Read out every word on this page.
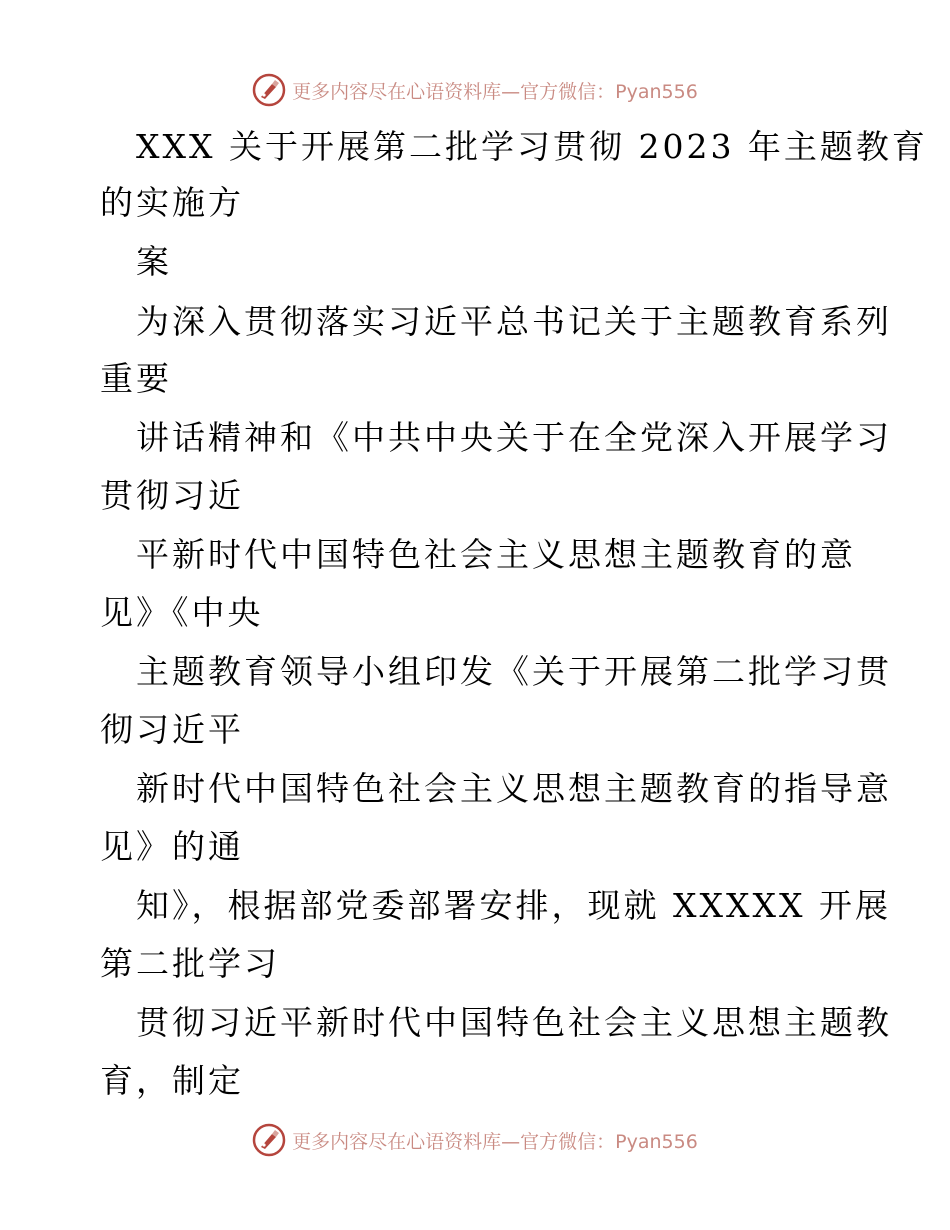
更多内容尽在心语资料库—官方微信：Pyan556
XXX 关于开展第二批学习贯彻 2023 年主题教育
的实施方
案
为深入贯彻落实习近平总书记关于主题教育系列
重要
讲话精神和《中共中央关于在全党深入开展学习
贯彻习近
平新时代中国特色社会主义思想主题教育的意
见》《中央
主题教育领导小组印发《关于开展第二批学习贯
彻习近平
新时代中国特色社会主义思想主题教育的指导意
见》的通
知》，根据部党委部署安排，现就 XXXXX 开展
第二批学习
贯彻习近平新时代中国特色社会主义思想主题教
育，制定
更多内容尽在心语资料库—官方微信：Pyan556
